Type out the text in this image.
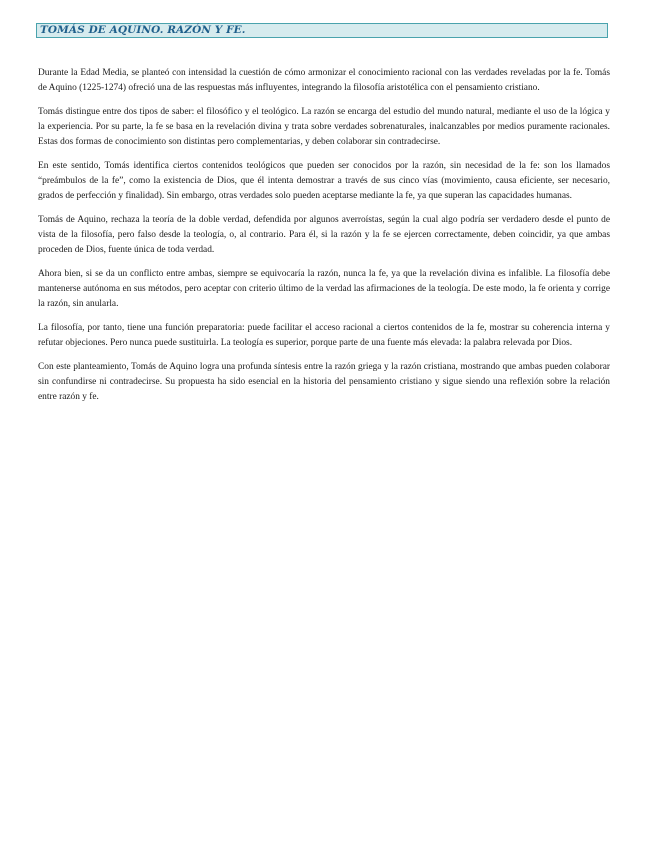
TOMÁS DE AQUINO. RAZÓN Y FE.

Durante la Edad Media, se planteó con intensidad la cuestión de cómo armonizar el conocimiento racional con las verdades reveladas por la fe. Tomás de Aquino (1225-1274) ofreció una de las respuestas más influyentes, integrando la filosofía aristotélica con el pensamiento cristiano.

Tomás distingue entre dos tipos de saber: el filosófico y el teológico. La razón se encarga del estudio del mundo natural, mediante el uso de la lógica y la experiencia. Por su parte, la fe se basa en la revelación divina y trata sobre verdades sobrenaturales, inalcanzables por medios puramente racionales. Estas dos formas de conocimiento son distintas pero complementarias, y deben colaborar sin contradecirse.

En este sentido, Tomás identifica ciertos contenidos teológicos que pueden ser conocidos por la razón, sin necesidad de la fe: son los llamados “preámbulos de la fe”, como la existencia de Dios, que él intenta demostrar a través de sus cinco vías (movimiento, causa eficiente, ser necesario, grados de perfección y finalidad). Sin embargo, otras verdades solo pueden aceptarse mediante la fe, ya que superan las capacidades humanas.

Tomás de Aquino, rechaza la teoría de la doble verdad, defendida por algunos averroístas, según la cual algo podría ser verdadero desde el punto de vista de la filosofía, pero falso desde la teología, o, al contrario. Para él, si la razón y la fe se ejercen correctamente, deben coincidir, ya que ambas proceden de Dios, fuente única de toda verdad.

Ahora bien, si se da un conflicto entre ambas, siempre se equivocaría la razón, nunca la fe, ya que la revelación divina es infalible. La filosofía debe mantenerse autónoma en sus métodos, pero aceptar con criterio último de la verdad las afirmaciones de la teología. De este modo, la fe orienta y corrige la razón, sin anularla.

La filosofía, por tanto, tiene una función preparatoria: puede facilitar el acceso racional a ciertos contenidos de la fe, mostrar su coherencia interna y refutar objeciones. Pero nunca puede sustituirla. La teología es superior, porque parte de una fuente más elevada: la palabra relevada por Dios.

Con este planteamiento, Tomás de Aquino logra una profunda síntesis entre la razón griega y la razón cristiana, mostrando que ambas pueden colaborar sin confundirse ni contradecirse. Su propuesta ha sido esencial en la historia del pensamiento cristiano y sigue siendo una reflexión sobre la relación entre razón y fe.
